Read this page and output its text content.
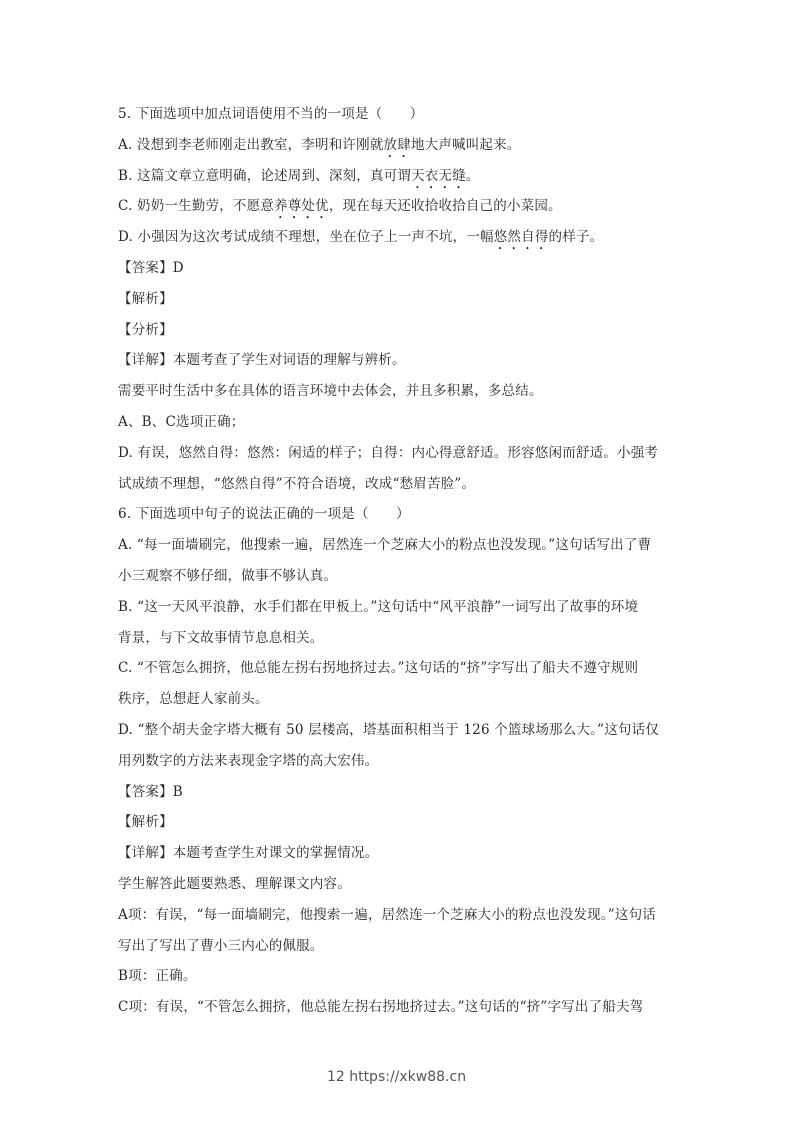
5. 下面选项中加点词语使用不当的一项是（　　）
A. 没想到李老师刚走出教室，李明和许刚就放肆地大声喊叫起来。
B. 这篇文章立意明确，论述周到、深刻，真可谓天衣无缝。
C. 奶奶一生勤劳，不愿意养尊处优，现在每天还收拾收拾自己的小菜园。
D. 小强因为这次考试成绩不理想，坐在位子上一声不坑，一幅悠然自得的样子。
【答案】D
【解析】
【分析】
【详解】本题考查了学生对词语的理解与辨析。
需要平时生活中多在具体的语言环境中去体会，并且多积累，多总结。
A、B、C选项正确；
D. 有误，悠然自得：悠然：闲适的样子；自得：内心得意舒适。形容悠闲而舒适。小强考
试成绩不理想，“悠然自得”不符合语境，改成“愁眉苦脸”。
6. 下面选项中句子的说法正确的一项是（　　）
A. “每一面墙刷完，他搜索一遍，居然连一个芝麻大小的粉点也没发现。”这句话写出了曹
小三观察不够仔细，做事不够认真。
B. “这一天风平浪静，水手们都在甲板上。”这句话中“风平浪静”一词写出了故事的环境
背景，与下文故事情节息息相关。
C. “不管怎么拥挤，他总能左拐右拐地挤过去。”这句话的“挤”字写出了船夫不遵守规则
秩序，总想赶人家前头。
D. “整个胡夫金字塔大概有 50 层楼高，塔基面积相当于 126 个篮球场那么大。”这句话仅
用列数字的方法来表现金字塔的高大宏伟。
【答案】B
【解析】
【详解】本题考查学生对课文的掌握情况。
学生解答此题要熟悉、理解课文内容。
A项：有误，“每一面墙刷完，他搜索一遍，居然连一个芝麻大小的粉点也没发现。”这句话
写出了写出了曹小三内心的佩服。
B项：正确。
C项：有误，“不管怎么拥挤，他总能左拐右拐地挤过去。”这句话的“挤”字写出了船夫驾
12 https://xkw88.cn
